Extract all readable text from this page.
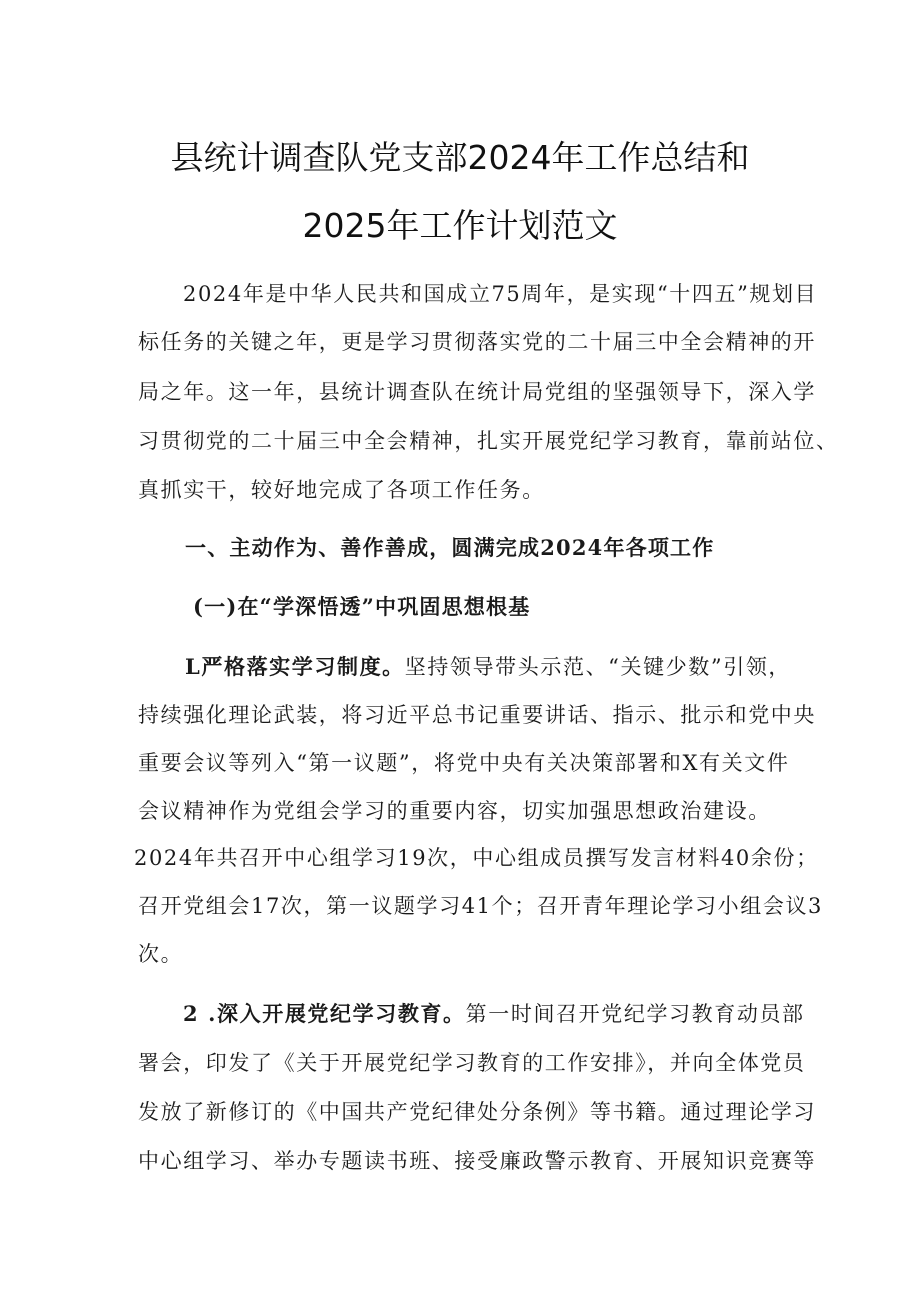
县统计调查队党支部2024年工作总结和
2025年工作计划范文
2024年是中华人民共和国成立75周年，是实现“十四五”规划目
标任务的关键之年，更是学习贯彻落实党的二十届三中全会精神的开
局之年。这一年，县统计调查队在统计局党组的坚强领导下，深入学
习贯彻党的二十届三中全会精神，扎实开展党纪学习教育，靠前站位、
真抓实干，较好地完成了各项工作任务。
一、主动作为、善作善成，圆满完成2024年各项工作
(一)在“学深悟透”中巩固思想根基
L严格落实学习制度。坚持领导带头示范、“关键少数”引领，
持续强化理论武装，将习近平总书记重要讲话、指示、批示和党中央
重要会议等列入“第一议题”，将党中央有关决策部署和X有关文件
会议精神作为党组会学习的重要内容，切实加强思想政治建设。
2024年共召开中心组学习19次，中心组成员撰写发言材料40余份；
召开党组会17次，第一议题学习41个；召开青年理论学习小组会议3
次。
2 .深入开展党纪学习教育。第一时间召开党纪学习教育动员部
署会，印发了《关于开展党纪学习教育的工作安排》，并向全体党员
发放了新修订的《中国共产党纪律处分条例》等书籍。通过理论学习
中心组学习、举办专题读书班、接受廉政警示教育、开展知识竞赛等
